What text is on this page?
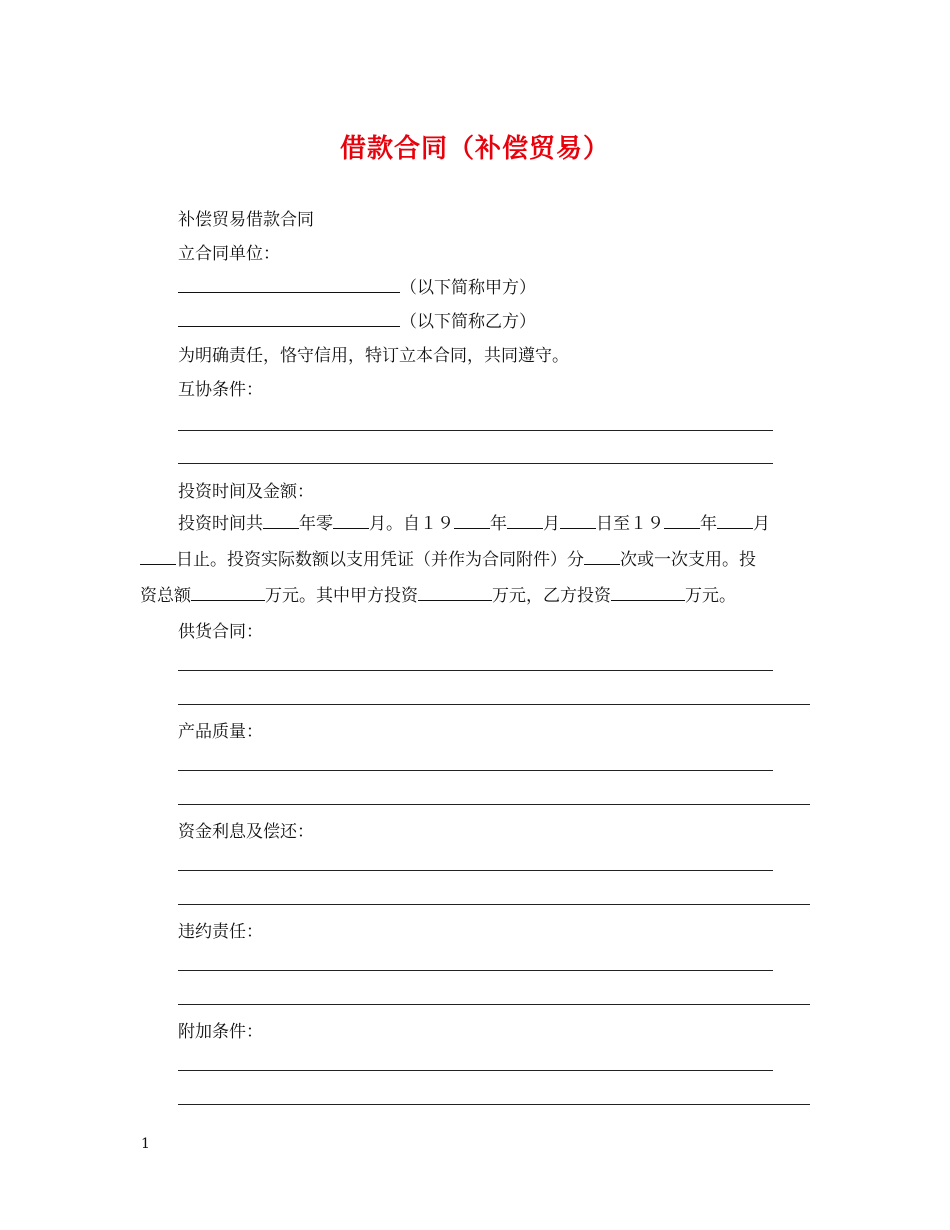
借款合同（补偿贸易）
补偿贸易借款合同
立合同单位：
（以下简称甲方）
（以下简称乙方）
为明确责任，恪守信用，特订立本合同，共同遵守。
互协条件：
投资时间及金额：
投资时间共 年零 月。自１９ 年 月 日至１９ 年 月
日止。投资实际数额以支用凭证（并作为合同附件）分 次或一次支用。投
资总额	万元。其中甲方投资	万元，乙方投资	万元。
供货合同：
产品质量：
资金利息及偿还：
违约责任：
附加条件：
1
